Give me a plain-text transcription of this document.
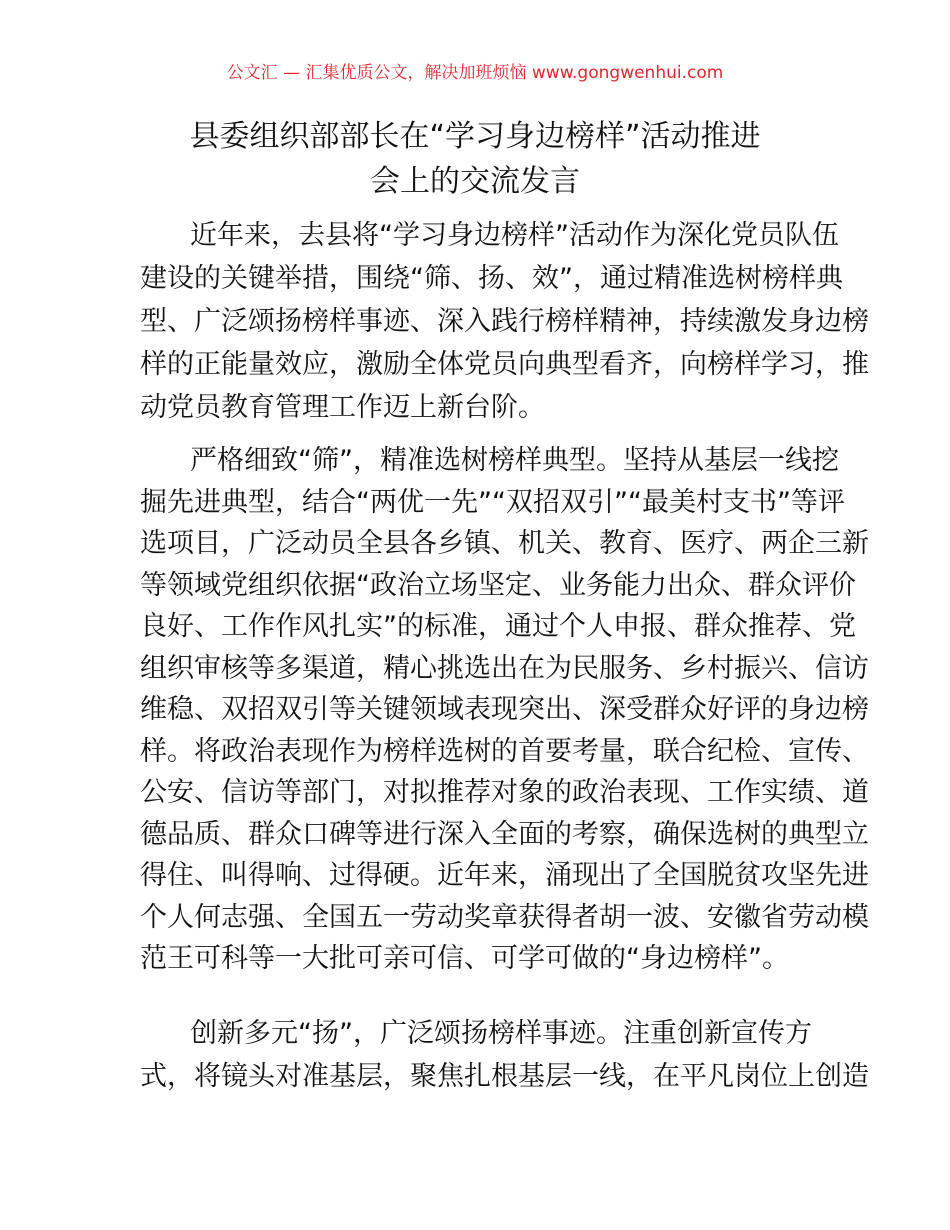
公文汇 — 汇集优质公文，解决加班烦恼 www.gongwenhui.com
县委组织部部长在“学习身边榜样”活动推进
会上的交流发言
近年来，去县将“学习身边榜样”活动作为深化党员队伍
建设的关键举措，围绕“筛、扬、效”，通过精准选树榜样典
型、广泛颂扬榜样事迹、深入践行榜样精神，持续激发身边榜
样的正能量效应，激励全体党员向典型看齐，向榜样学习，推
动党员教育管理工作迈上新台阶。
严格细致“筛”，精准选树榜样典型。坚持从基层一线挖
掘先进典型，结合“两优一先”“双招双引”“最美村支书”等评
选项目，广泛动员全县各乡镇、机关、教育、医疗、两企三新
等领域党组织依据“政治立场坚定、业务能力出众、群众评价
良好、工作作风扎实”的标准，通过个人申报、群众推荐、党
组织审核等多渠道，精心挑选出在为民服务、乡村振兴、信访
维稳、双招双引等关键领域表现突出、深受群众好评的身边榜
样。将政治表现作为榜样选树的首要考量，联合纪检、宣传、
公安、信访等部门，对拟推荐对象的政治表现、工作实绩、道
德品质、群众口碑等进行深入全面的考察，确保选树的典型立
得住、叫得响、过得硬。近年来，涌现出了全国脱贫攻坚先进
个人何志强、全国五一劳动奖章获得者胡一波、安徽省劳动模
范王可科等一大批可亲可信、可学可做的“身边榜样”。
创新多元“扬”，广泛颂扬榜样事迹。注重创新宣传方
式，将镜头对准基层，聚焦扎根基层一线，在平凡岗位上创造
